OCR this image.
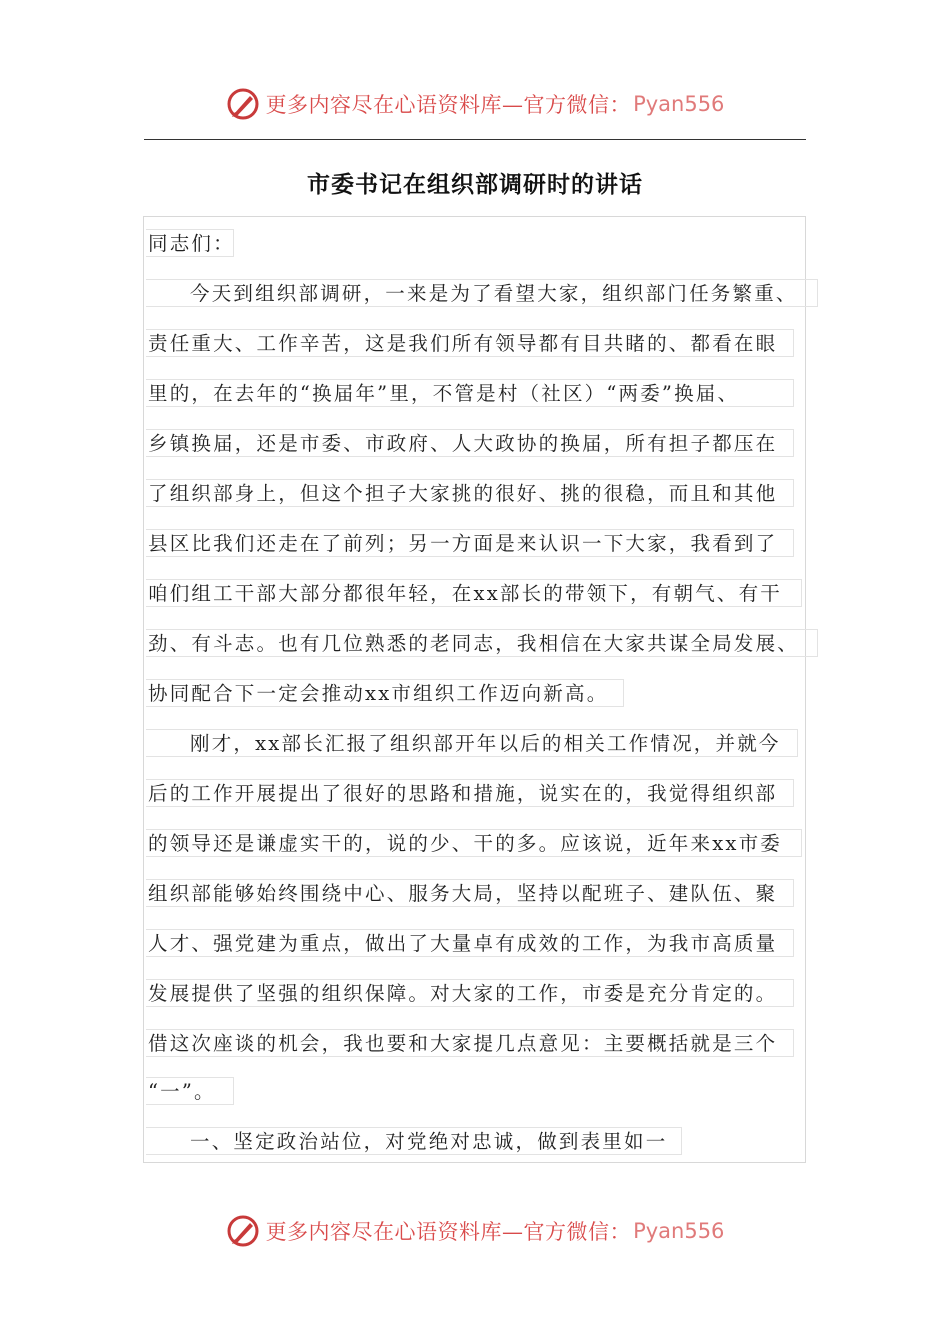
更多内容尽在心语资料库—官方微信： Pyan556
市委书记在组织部调研时的讲话
同志们：
今天到组织部调研，一来是为了看望大家，组织部门任务繁重、
责任重大、工作辛苦，这是我们所有领导都有目共睹的、都看在眼
里的，在去年的“换届年”里，不管是村（社区）“两委”换届、
乡镇换届，还是市委、市政府、人大政协的换届，所有担子都压在
了组织部身上，但这个担子大家挑的很好、挑的很稳，而且和其他
县区比我们还走在了前列；另一方面是来认识一下大家，我看到了
咱们组工干部大部分都很年轻，在xx部长的带领下，有朝气、有干
劲、有斗志。也有几位熟悉的老同志，我相信在大家共谋全局发展、
协同配合下一定会推动xx市组织工作迈向新高。
刚才，xx部长汇报了组织部开年以后的相关工作情况，并就今
后的工作开展提出了很好的思路和措施，说实在的，我觉得组织部
的领导还是谦虚实干的，说的少、干的多。应该说，近年来xx市委
组织部能够始终围绕中心、服务大局，坚持以配班子、建队伍、聚
人才、强党建为重点，做出了大量卓有成效的工作，为我市高质量
发展提供了坚强的组织保障。对大家的工作，市委是充分肯定的。
借这次座谈的机会，我也要和大家提几点意见：主要概括就是三个
“一”。
一、坚定政治站位，对党绝对忠诚，做到表里如一
更多内容尽在心语资料库—官方微信： Pyan556
